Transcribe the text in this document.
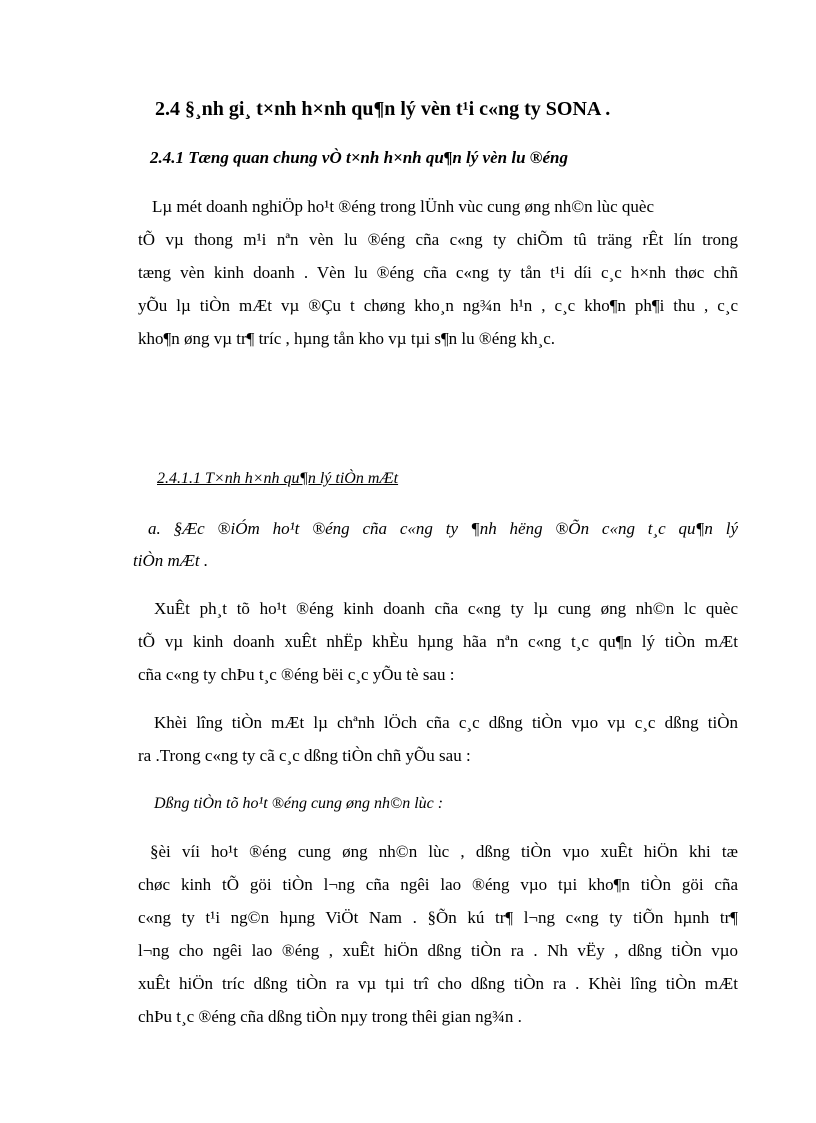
2.4 §¸nh gi¸ t×nh h×nh qu¶n lý vèn t¹i c«ng ty SONA .
2.4.1 Tæng quan chung vÒ t×nh h×nh qu¶n lý vèn lu ®éng
Lµ mét doanh nghiÖp ho¹t ®éng trong lÜnh vùc cung øng nh©n lùc quèc
tÕ vµ thong m¹i nªn vèn lu ®éng cña c«ng ty chiÕm tû träng rÊt lín trong
tæng vèn kinh doanh . Vèn lu ®éng cña c«ng ty tån t¹i díi c¸c h×nh thøc chñ
yÕu lµ tiÒn mÆt vµ ®Çu t chøng kho¸n ng¾n h¹n , c¸c kho¶n ph¶i thu , c¸c
kho¶n øng vµ tr¶ tríc , hµng tån kho vµ tµi s¶n lu ®éng kh¸c.
2.4.1.1 T×nh h×nh qu¶n lý tiÒn mÆt
a. §Æc ®iÓm ho¹t ®éng cña c«ng ty ¶nh hëng ®Õn c«ng t¸c qu¶n lý
tiÒn mÆt .
XuÊt ph¸t tõ ho¹t ®éng kinh doanh cña c«ng ty lµ cung øng nh©n lc quèc
tÕ vµ kinh doanh xuÊt nhËp khÈu hµng hãa nªn c«ng t¸c qu¶n lý tiÒn mÆt
cña c«ng ty chÞu t¸c ®éng bëi c¸c yÕu tè sau :
Khèi lîng tiÒn mÆt lµ chªnh lÖch cña c¸c dßng tiÒn vµo vµ c¸c dßng tiÒn
ra .Trong c«ng ty cã c¸c dßng tiÒn chñ yÕu sau :
Dßng tiÒn tõ ho¹t ®éng cung øng nh©n lùc :
§èi víi ho¹t ®éng cung øng nh©n lùc , dßng tiÒn vµo xuÊt hiÖn khi tæ
chøc kinh tÕ göi tiÒn l¬ng cña ngêi lao ®éng vµo tµi kho¶n tiÒn göi cña
c«ng ty t¹i ng©n hµng ViÖt Nam . §Õn kú tr¶ l¬ng c«ng ty tiÕn hµnh tr¶
l¬ng cho ngêi lao ®éng , xuÊt hiÖn dßng tiÒn ra . Nh vËy , dßng tiÒn vµo
xuÊt hiÖn tríc dßng tiÒn ra vµ tµi trî cho dßng tiÒn ra . Khèi lîng tiÒn mÆt
chÞu t¸c ®éng cña dßng tiÒn nµy trong thêi gian ng¾n .
